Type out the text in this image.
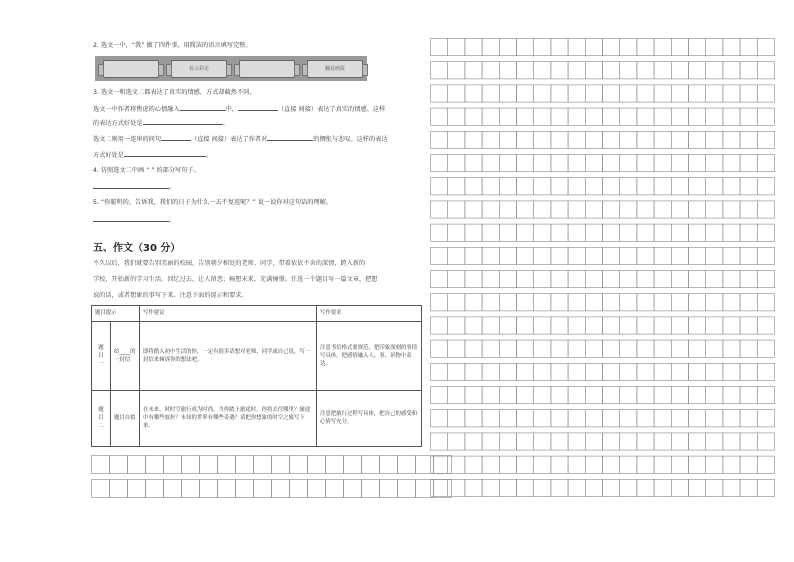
2. 选文一中，“我” 做了四件事，用简洁的语言填写完整。
看云彩走	翻看画报
3. 选文一和选文二都表达了真实的情感，方式却截然不同。
选文一中作者将焦虑的心情融入	中，	（直接 间接）表达了真实的情感。这样
的表达方式好处是	。
选文二则用一连串的问句	（直接 间接）表达了作者对	的惆怅与悲叹。这样的表达
方式好处是	。
4. 仿照选文二中画 “ ” 的部分写句子。
。
5. “你聪明的，告诉我，我们的日子为什么一去不复返呢？” 说一说你对这句话的理解。
。
五、作文（30 分）
不久以后，我们就要告别美丽的校园，告别朝夕相处的老师、同学，带着依依不舍的深情，跨入新的
学校，开始新的学习生活。回忆过去，让人留恋；畅想未来，充满憧憬。任选一个题目写一篇文章，把想
说的话，或者想象的事写下来。注意下面的提示和要求。
题目提示		写作建议	写作要求

题目一	给____的一封信	即将踏入初中生活的你，一定有很多话想对老师、同学或自己说，写一封信来倾诉你的想法吧。	注意书信格式要规范，把印象深刻的事情写具体，把感情融入人、事、景物中表达。

题目二	题目自拟	在未来，时时空旅行成为时尚。当你踏上旅途时，你将去往哪里？旅途中有哪些波折？未知的世界有哪些奇遇？请把你想象的时空之旅写下来。	注意把旅行过程写具体，把自己的感受和心情写充分。
